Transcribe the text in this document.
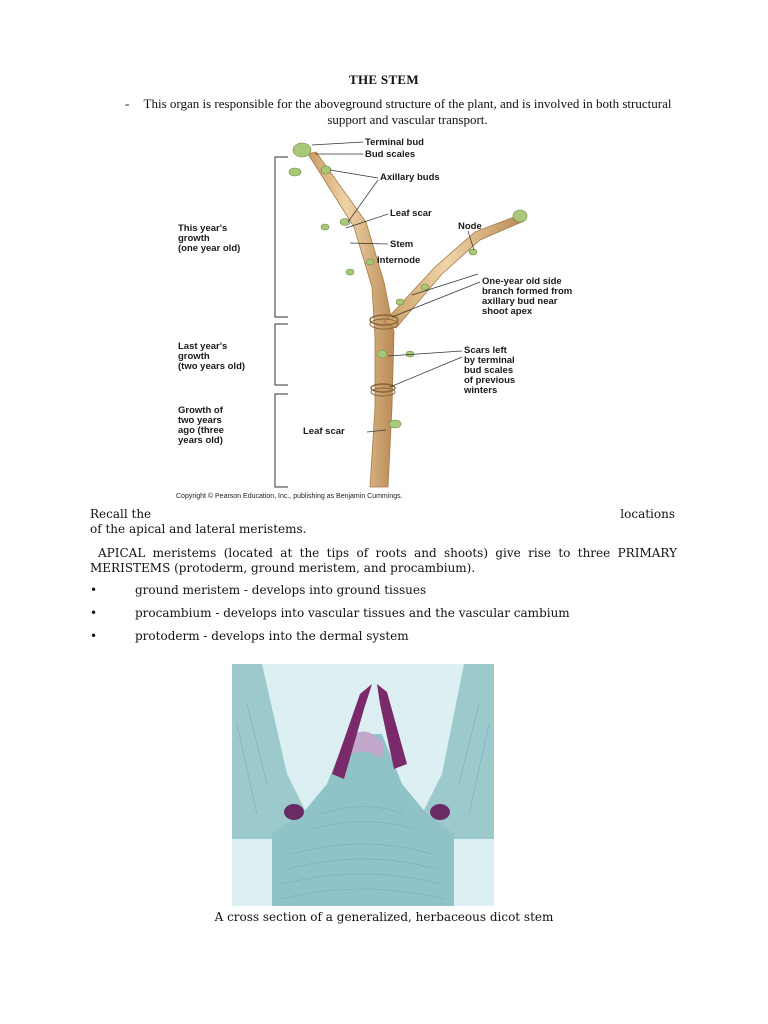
THE STEM
- This organ is responsible for the aboveground structure of the plant, and is involved in both structural support and vascular transport.
Terminal bud
Bud scales
Axillary buds
Leaf scar
Node
Stem
Internode
One-year old side
branch formed from
axillary bud near
shoot apex
This year's
growth
(one year old)
Last year's
growth
(two years old)
Growth of
two years
ago (three
years old)
Leaf scar
Scars left
by terminal
bud scales
of previous
winters
Copyright © Pearson Education, Inc., publishing as Benjamin Cummings.
Recall the	locations
of the apical and lateral meristems.
APICAL meristems (located at the tips of roots and shoots) give rise to three PRIMARY MERISTEMS (protoderm, ground meristem, and procambium).
•	ground meristem - develops into ground tissues
•	procambium - develops into vascular tissues and the vascular cambium
•	protoderm - develops into the dermal system
A cross section of a generalized, herbaceous dicot stem
